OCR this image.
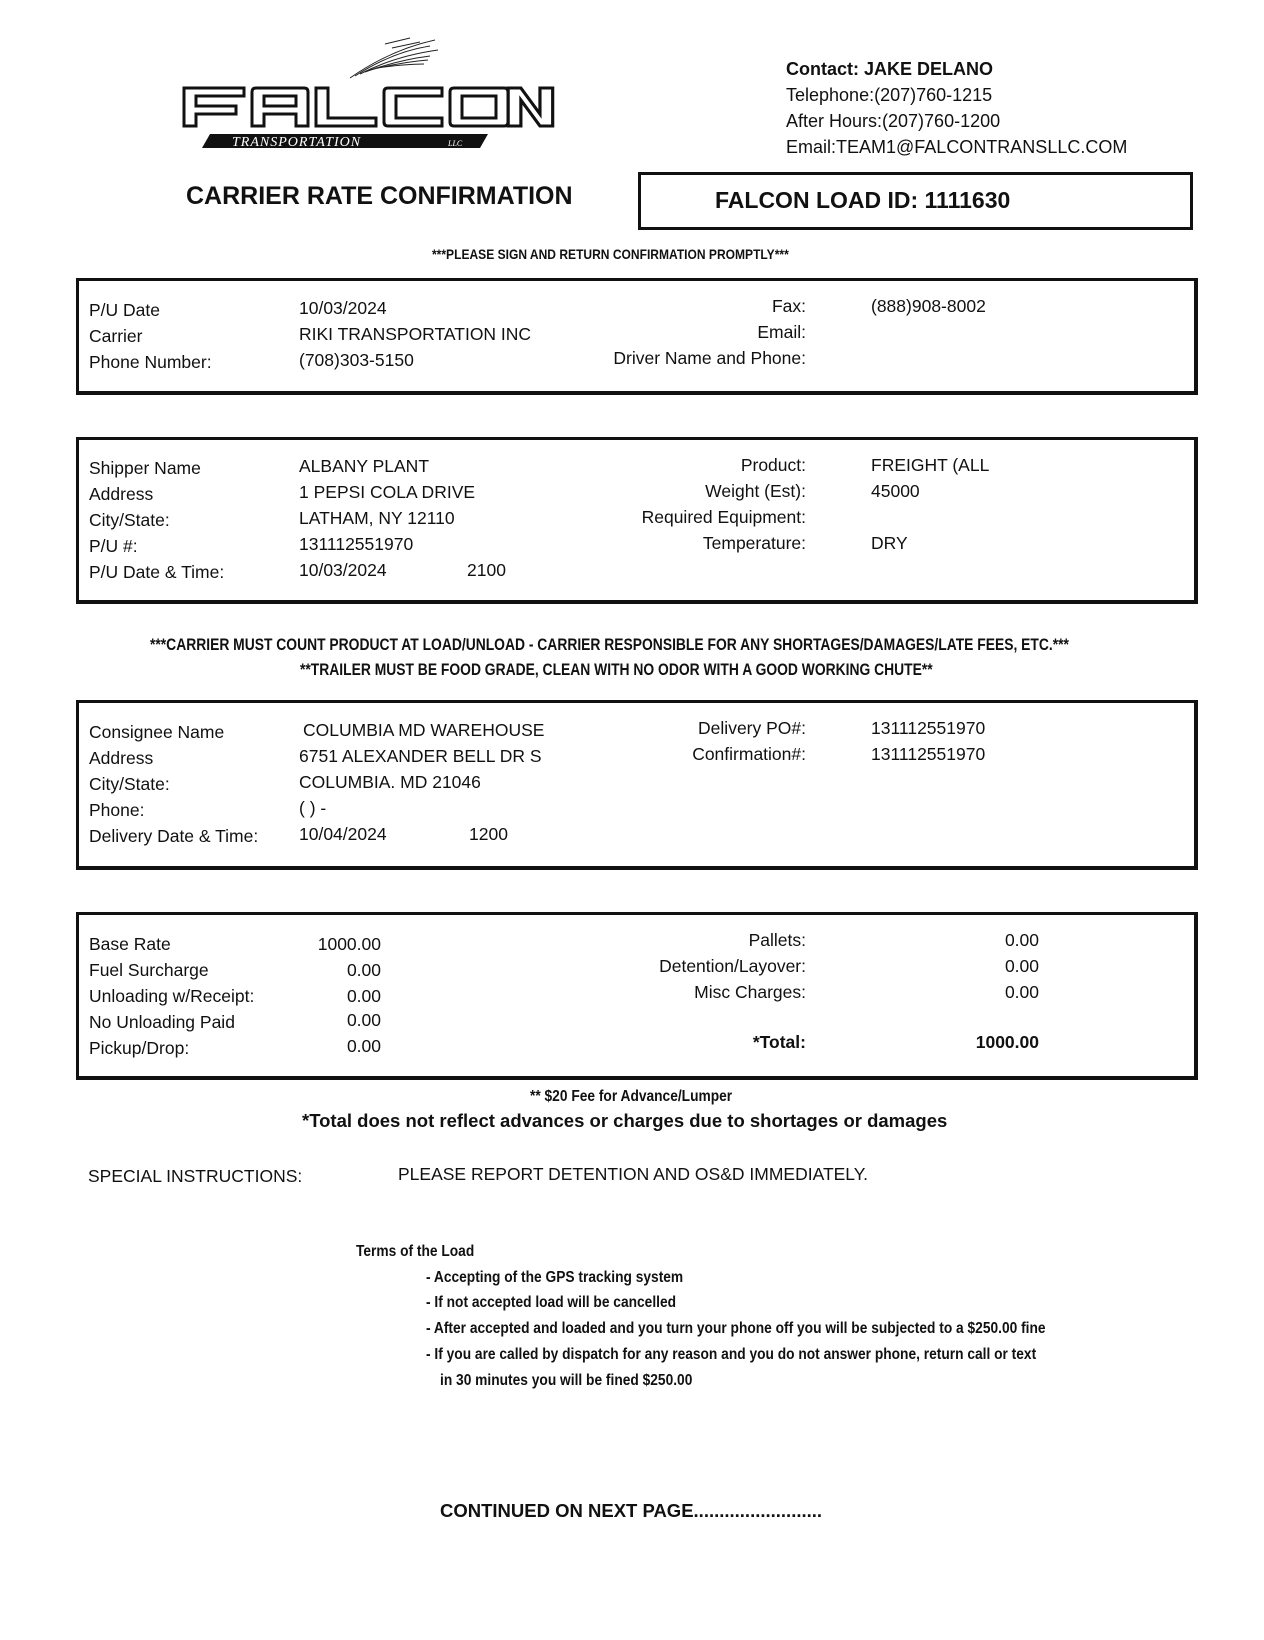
TRANSPORTATION	LLC
Contact: JAKE DELANO
Telephone:(207)760-1215
After Hours:(207)760-1200
Email:TEAM1@FALCONTRANSLLC.COM
CARRIER RATE CONFIRMATION	FALCON LOAD ID: 1111630
***PLEASE SIGN AND RETURN CONFIRMATION PROMPTLY***
P/U Date	10/03/2024
Carrier	RIKI TRANSPORTATION INC
Phone Number:	(708)303-5150
Fax:	(888)908-8002
Email:
Driver Name and Phone:
Shipper Name	ALBANY PLANT
Address	1 PEPSI COLA DRIVE
City/State:	LATHAM, NY 12110
P/U #:	131112551970
P/U Date & Time:	10/03/2024	2100
Product:	FREIGHT (ALL
Weight (Est):	45000
Required Equipment:
Temperature:	DRY
***CARRIER MUST COUNT PRODUCT AT LOAD/UNLOAD - CARRIER RESPONSIBLE FOR ANY SHORTAGES/DAMAGES/LATE FEES, ETC.***
**TRAILER MUST BE FOOD GRADE, CLEAN WITH NO ODOR WITH A GOOD WORKING CHUTE**
Consignee Name	COLUMBIA MD WAREHOUSE
Address	6751 ALEXANDER BELL DR S
City/State:	COLUMBIA. MD 21046
Phone:	( ) -
Delivery Date & Time: 10/04/2024	1200
Delivery PO#:	131112551970
Confirmation#:	131112551970
Base Rate	1000.00
Fuel Surcharge	0.00
Unloading w/Receipt:	0.00
No Unloading Paid	0.00
Pickup/Drop:	0.00
Pallets:	0.00
Detention/Layover:	0.00
Misc Charges:	0.00
*Total:	1000.00
** $20 Fee for Advance/Lumper
*Total does not reflect advances or charges due to shortages or damages
SPECIAL INSTRUCTIONS:	PLEASE REPORT DETENTION AND OS&D IMMEDIATELY.
Terms of the Load
- Accepting of the GPS tracking system
- If not accepted load will be cancelled
- After accepted and loaded and you turn your phone off you will be subjected to a $250.00 fine
- If you are called by dispatch for any reason and you do not answer phone, return call or text
in 30 minutes you will be fined $250.00
CONTINUED ON NEXT PAGE.........................
